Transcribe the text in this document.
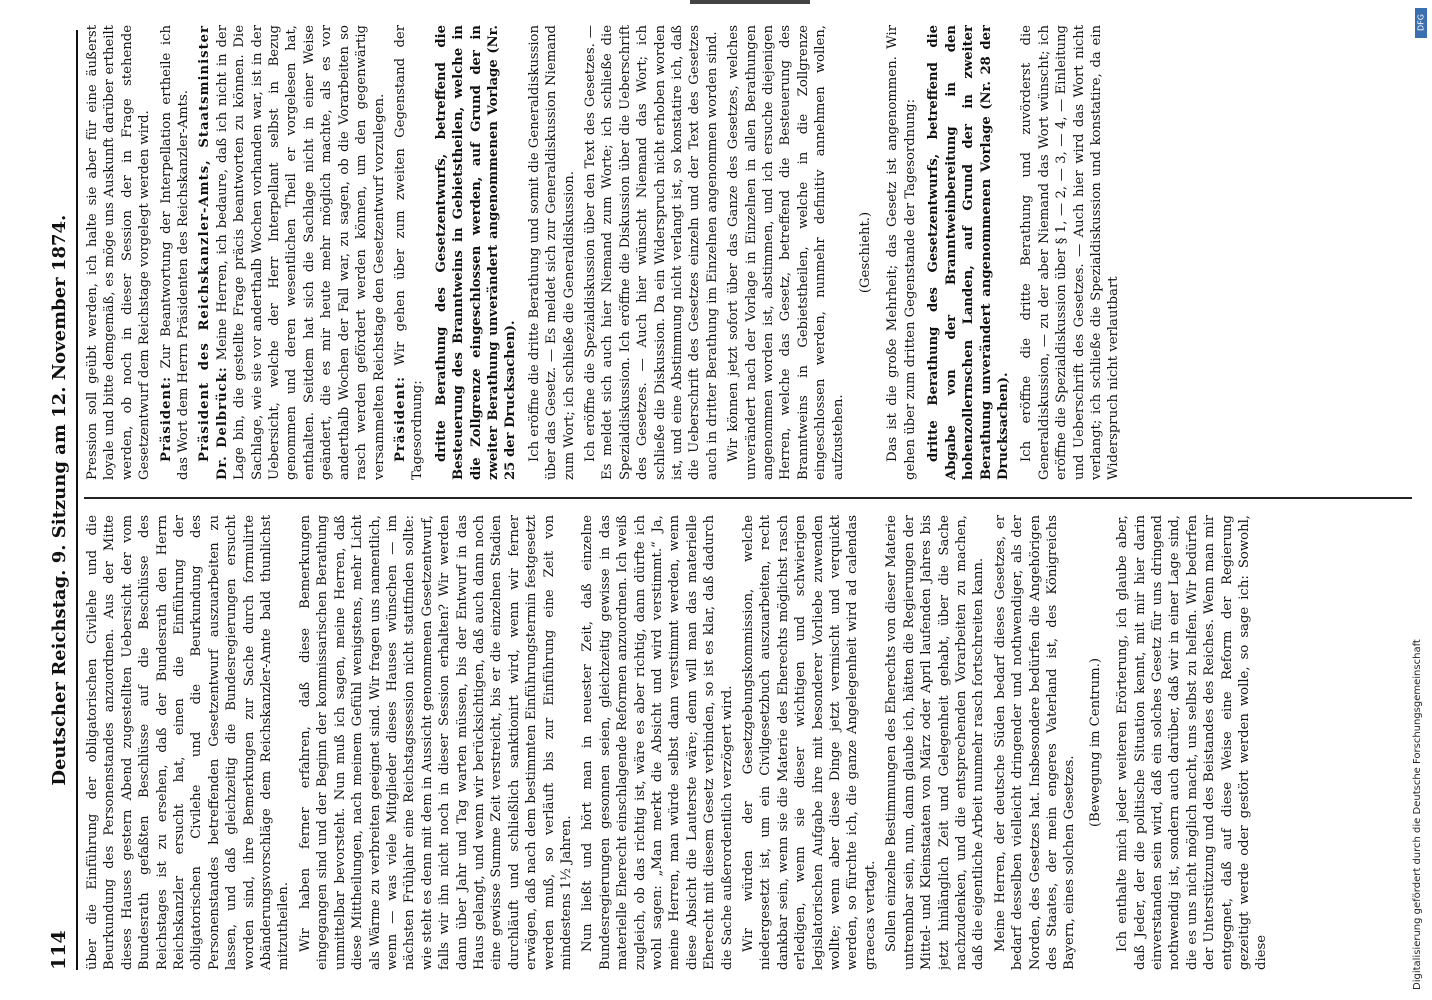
114
Deutscher Reichstag. 9. Sitzung am 12. November 1874. über die Einführung der obligatorischen Civilehe und die Beurkundung des Personenstandes anzuordnen. Aus der Mitte dieses Hauses gestern Abend zugestellten Uebersicht der vom Bundesrath gefaßten Beschlüsse auf die Beschlüsse des Reichstages ist zu ersehen, daß der Bundesrath den Herrn Reichskanzler ersucht hat, einen die Einführung der obligatorischen Civilehe und die Beurkundung des Personenstandes betreffenden Gesetzentwurf auszuarbeiten zu lassen, und daß gleichzeitig die Bundesregierungen ersucht worden sind, ihre Bemerkungen zur Sache durch formulirte Abänderungsvorschläge dem Reichskanzler-Amte bald thunlichst mitzutheilen. Wir haben ferner erfahren, daß diese Bemerkungen eingegangen sind und der Beginn der kommissarischen Berathung unmittelbar bevorsteht. Nun muß ich sagen, meine Herren, daß diese Mittheilungen, nach meinem Gefühl wenigstens, mehr Licht als Wärme zu verbreiten geeignet sind. Wir fragen uns namentlich, wenn — was viele Mitglieder dieses Hauses wünschen — im nächsten Frühjahr eine Reichstagssession nicht stattfinden sollte: wie steht es denn mit dem in Aussicht genommenen Gesetzentwurf, falls wir ihn nicht noch in dieser Session erhalten? Wir werden dann über Jahr und Tag warten müssen, bis der Entwurf in das Haus gelangt, und wenn wir berücksichtigen, daß auch dann noch eine gewisse Summe Zeit verstreicht, bis er die einzelnen Stadien durchläuft und schließlich sanktionirt wird, wenn wir ferner erwägen, daß nach dem bestimmten Einführungstermin festgesetzt werden muß, so verläuft bis zur Einführung eine Zeit von mindestens 1½ Jahren. Nun ließt und hört man in neuester Zeit, daß einzelne Bundesregierungen gesonnen seien, gleichzeitig gewisse in das materielle Eherecht einschlagende Reformen anzuordnen. Ich weiß zugleich, ob das richtig ist, wäre es aber richtig, dann dürfte ich wohl sagen: „Man merkt die Absicht und wird verstimmt.“ Ja, meine Herren, man würde selbst dann verstimmt werden, wenn diese Absicht die Lauterste wäre; denn will man das materielle Eherecht mit diesem Gesetz verbinden, so ist es klar, daß dadurch die Sache außerordentlich verzögert wird. Wir würden der Gesetzgebungskommission, welche niedergesetzt ist, um ein Civilgesetzbuch auszuarbeiten, recht dankbar sein, wenn sie die Materie des Eherechts möglichst rasch erledigen, wenn sie dieser wichtigen und schwierigen legislatorischen Aufgabe ihre mit besonderer Vorliebe zuwenden wollte; wenn aber diese Dinge jetzt vermischt und verquickt werden, so fürchte ich, die ganze Angelegenheit wird ad calendas graecas vertagt. Sollen einzelne Bestimmungen des Eherechts von dieser Materie untrennbar sein, nun, dann glaube ich, hätten die Regierungen der Mittel- und Kleinstaaten von März oder April laufenden Jahres bis jetzt hinlänglich Zeit und Gelegenheit gehabt, über die Sache nachzudenken, und die entsprechenden Vorarbeiten zu machen, daß die eigentliche Arbeit nunmehr rasch fortschreiten kann. Meine Herren, der deutsche Süden bedarf dieses Gesetzes, er bedarf desselben vielleicht dringender und nothwendiger, als der Norden, des Gesetzes hat. Insbesondere bedürfen die Angehörigen des Staates, der mein engeres Vaterland ist, des Königreichs Bayern, eines solchen Gesetzes.

(Bewegung im Centrum.) Ich enthalte mich jeder weiteren Erörterung, ich glaube aber, daß Jeder, der die politische Situation kennt, mit mir hier darin einverstanden sein wird, daß ein solches Gesetz für uns dringend nothwendig ist, sondern auch darüber, daß wir in einer Lage sind, die es uns nicht möglich macht, uns selbst zu helfen. Wir bedürfen der Unterstützung und des Beistandes des Reiches. Wenn man mir entgegnet, daß auf diese Weise eine Reform der Regierung gezeitigt werde oder gestört werden wolle, so sage ich: Sowohl, diese

Pression soll geübt werden, ich halte sie aber für eine äußerst loyale und bitte demgemäß, es möge uns Auskunft darüber ertheilt werden, ob noch in dieser Session der in Frage stehende Gesetzentwurf dem Reichstage vorgelegt werden wird. Präsident: Zur Beantwortung der Interpellation ertheile ich das Wort dem Herrn Präsidenten des Reichskanzler-Amts. Präsident des Reichskanzler-Amts, Staatsminister Dr. Delbrück: Meine Herren, ich bedaure, daß ich nicht in der Lage bin, die gestellte Frage präcis beantworten zu können. Die Sachlage, wie sie vor anderthalb Wochen vorhanden war, ist in der Uebersicht, welche der Herr Interpellant selbst in Bezug genommen und deren wesentlichen Theil er vorgelesen hat, enthalten. Seitdem hat sich die Sachlage nicht in einer Weise geändert, die es mir heute mehr möglich machte, als es vor anderthalb Wochen der Fall war, zu sagen, ob die Vorarbeiten so rasch werden gefördert werden können, um den gegenwärtig versammelten Reichstage den Gesetzentwurf vorzulegen. Präsident: Wir gehen über zum zweiten Gegenstand der Tagesordnung: dritte Berathung des Gesetzentwurfs, betreffend die Besteuerung des Branntweins in Gebietstheilen, welche in die Zollgrenze eingeschlossen werden, auf Grund der in zweiter Berathung unverändert angenommenen Vorlage (Nr. 25 der Drucksachen). Ich eröffne die dritte Berathung und somit die Generaldiskussion über das Gesetz. — Es meldet sich zur Generaldiskussion Niemand zum Wort; ich schließe die Generaldiskussion. Ich eröffne die Spezialdiskussion über den Text des Gesetzes. — Es meldet sich auch hier Niemand zum Worte; ich schließe die Spezialdiskussion. Ich eröffne die Diskussion über die Ueberschrift des Gesetzes. — Auch hier wünscht Niemand das Wort; ich schließe die Diskussion. Da ein Widerspruch nicht erhoben worden ist, und eine Abstimmung nicht verlangt ist, so konstatire ich, daß die Ueberschrift des Gesetzes einzeln und der Text des Gesetzes auch in dritter Berathung im Einzelnen angenommen worden sind. Wir können jetzt sofort über das Ganze des Gesetzes, welches unverändert nach der Vorlage in Einzelnen in allen Berathungen angenommen worden ist, abstimmen, und ich ersuche diejenigen Herren, welche das Gesetz, betreffend die Besteuerung des Branntweins in Gebietstheilen, welche in die Zollgrenze eingeschlossen werden, nunmehr definitiv annehmen wollen, aufzustehen.

(Geschieht.) Das ist die große Mehrheit; das Gesetz ist angenommen. Wir gehen über zum dritten Gegenstande der Tagesordnung: dritte Berathung des Gesetzentwurfs, betreffend die Abgabe von der Branntweinbereitung in den hohenzollernschen Landen, auf Grund der in zweiter Berathung unverändert angenommenen Vorlage (Nr. 28 der Drucksachen). Ich eröffne die dritte Berathung und zuvörderst die Generaldiskussion, — zu der aber Niemand das Wort wünscht; ich eröffne die Spezialdiskussion über § 1, — 2, — 3, — 4, — Einleitung und Ueberschrift des Gesetzes. — Auch hier wird das Wort nicht verlangt; ich schließe die Spezialdiskussion und konstatire, da ein Widerspruch nicht verlautbart

DFG
Digitalisierung gefördert durch die Deutsche Forschungsgemeinschaft
